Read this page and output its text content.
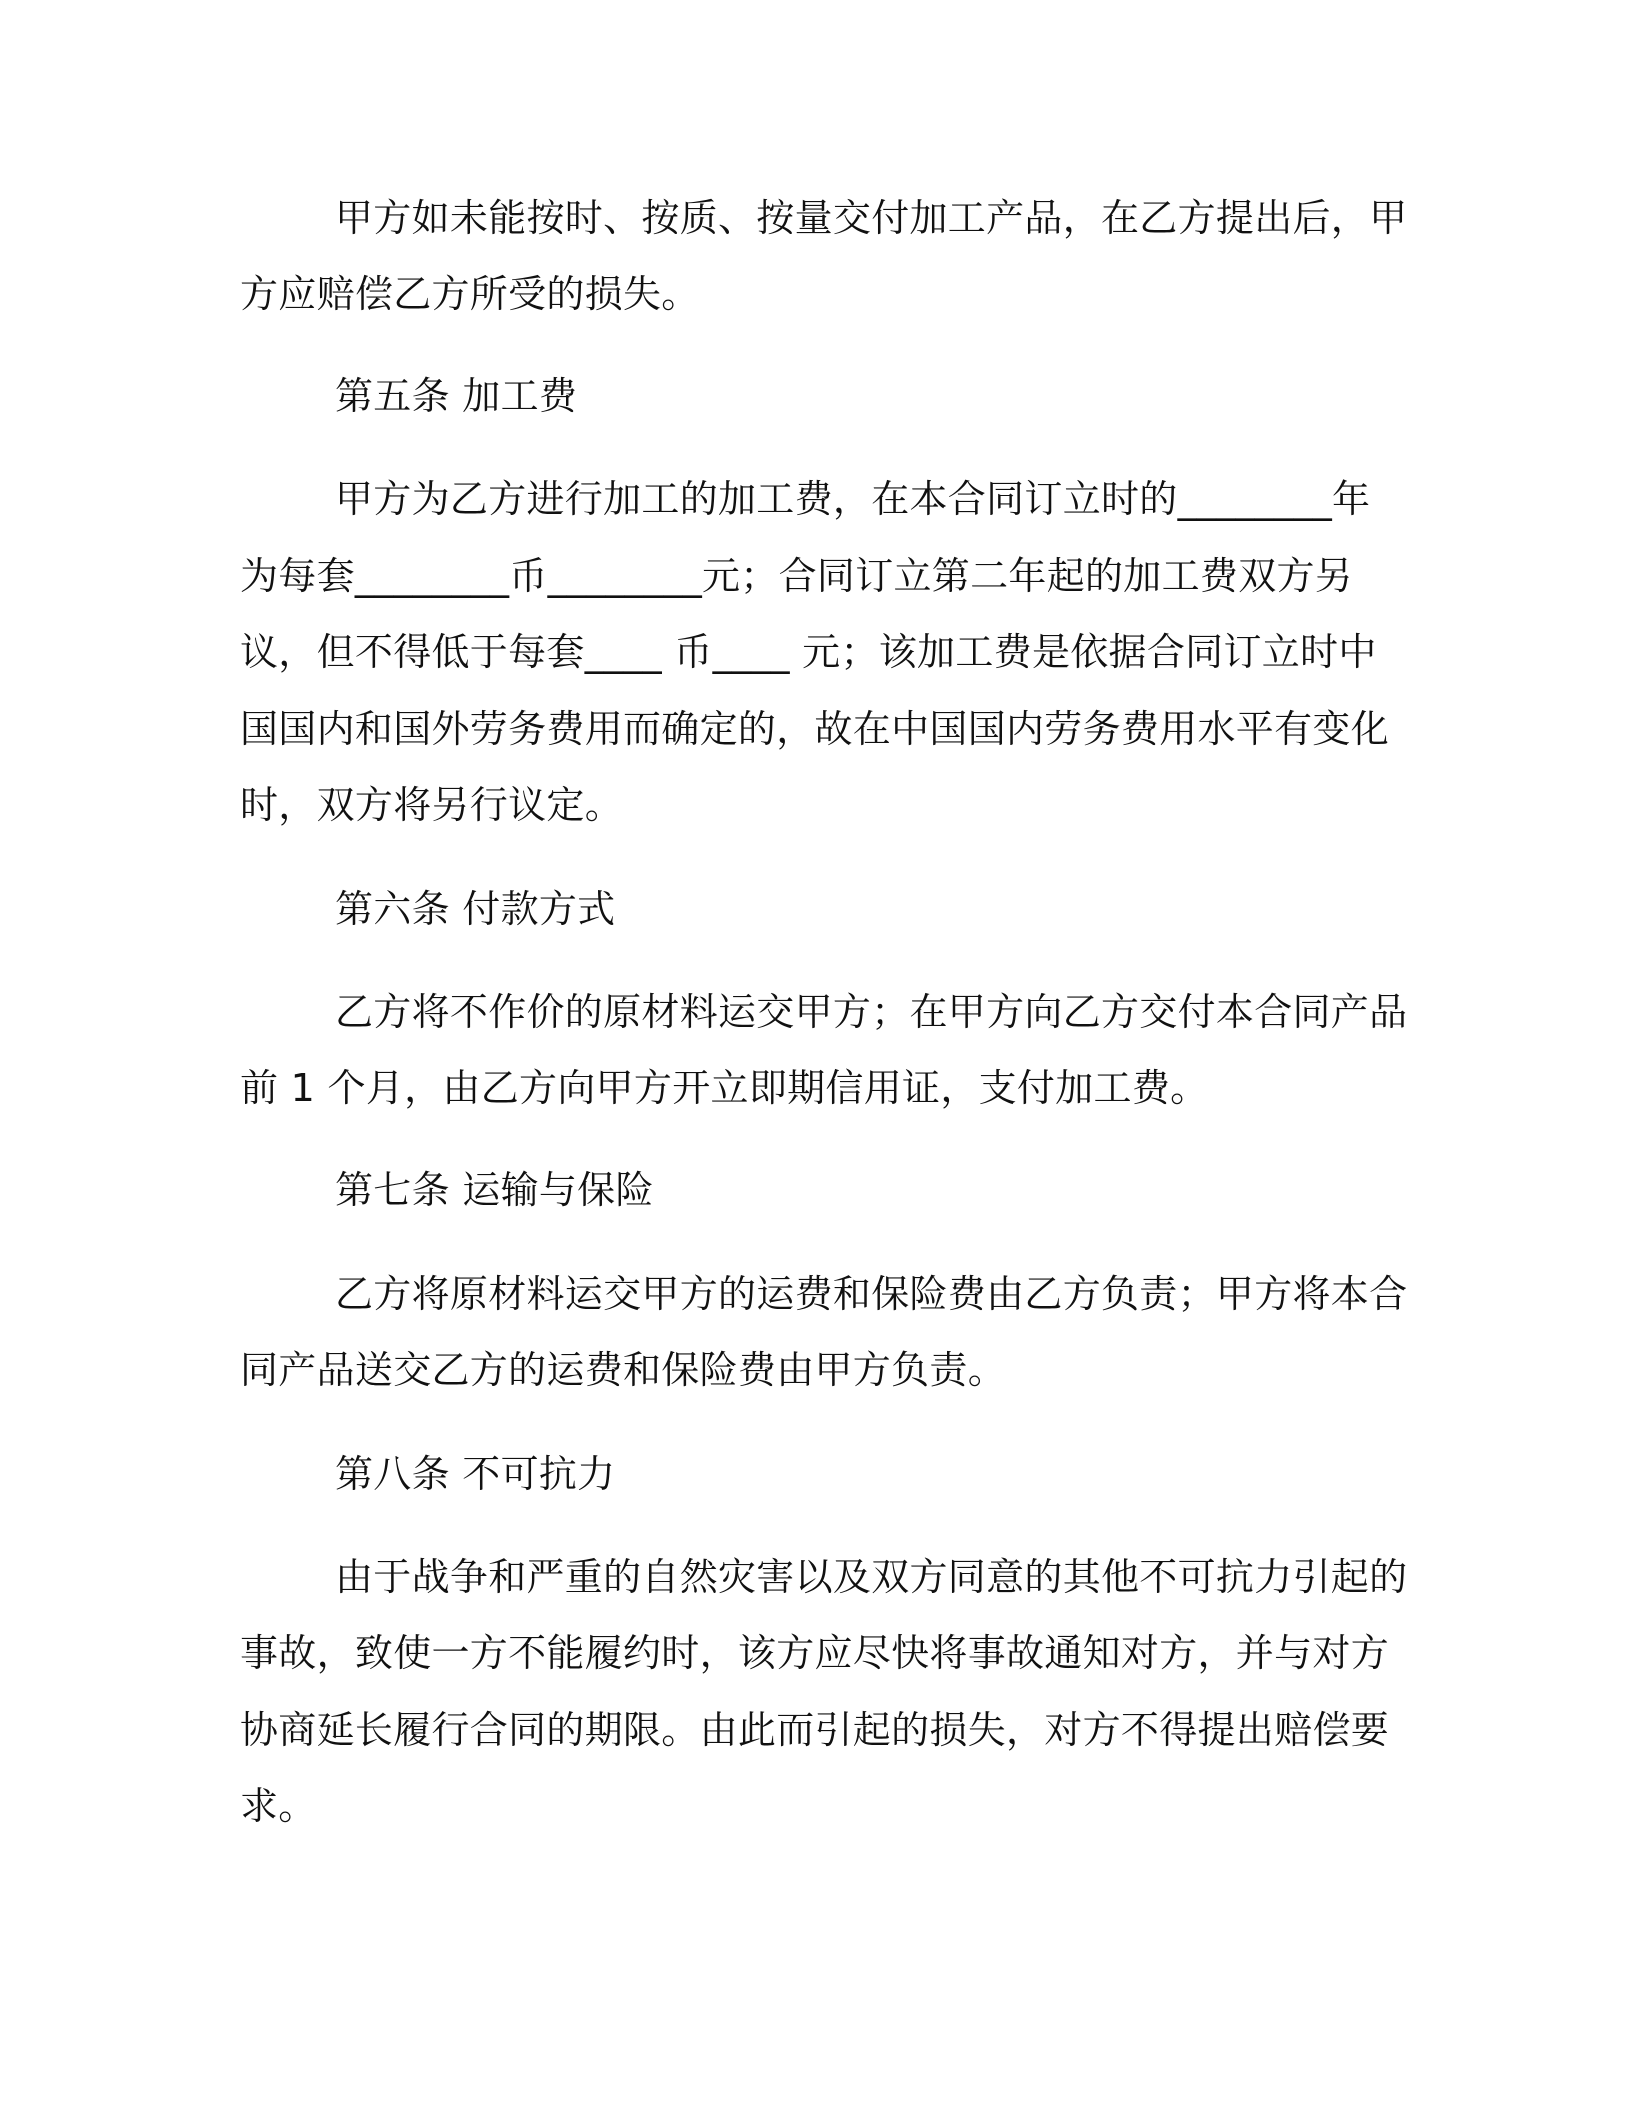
甲方如未能按时、按质、按量交付加工产品，在乙方提出后，甲

方应赔偿乙方所受的损失。

第五条 加工费

甲方为乙方进行加工的加工费，在本合同订立时的________年

为每套________币________元；合同订立第二年起的加工费双方另

议，但不得低于每套____ 币____ 元；该加工费是依据合同订立时中

国国内和国外劳务费用而确定的，故在中国国内劳务费用水平有变化

时，双方将另行议定。

第六条 付款方式

乙方将不作价的原材料运交甲方；在甲方向乙方交付本合同产品

前 1 个月，由乙方向甲方开立即期信用证，支付加工费。

第七条 运输与保险

乙方将原材料运交甲方的运费和保险费由乙方负责；甲方将本合

同产品送交乙方的运费和保险费由甲方负责。

第八条 不可抗力

由于战争和严重的自然灾害以及双方同意的其他不可抗力引起的

事故，致使一方不能履约时，该方应尽快将事故通知对方，并与对方

协商延长履行合同的期限。由此而引起的损失，对方不得提出赔偿要

求。
